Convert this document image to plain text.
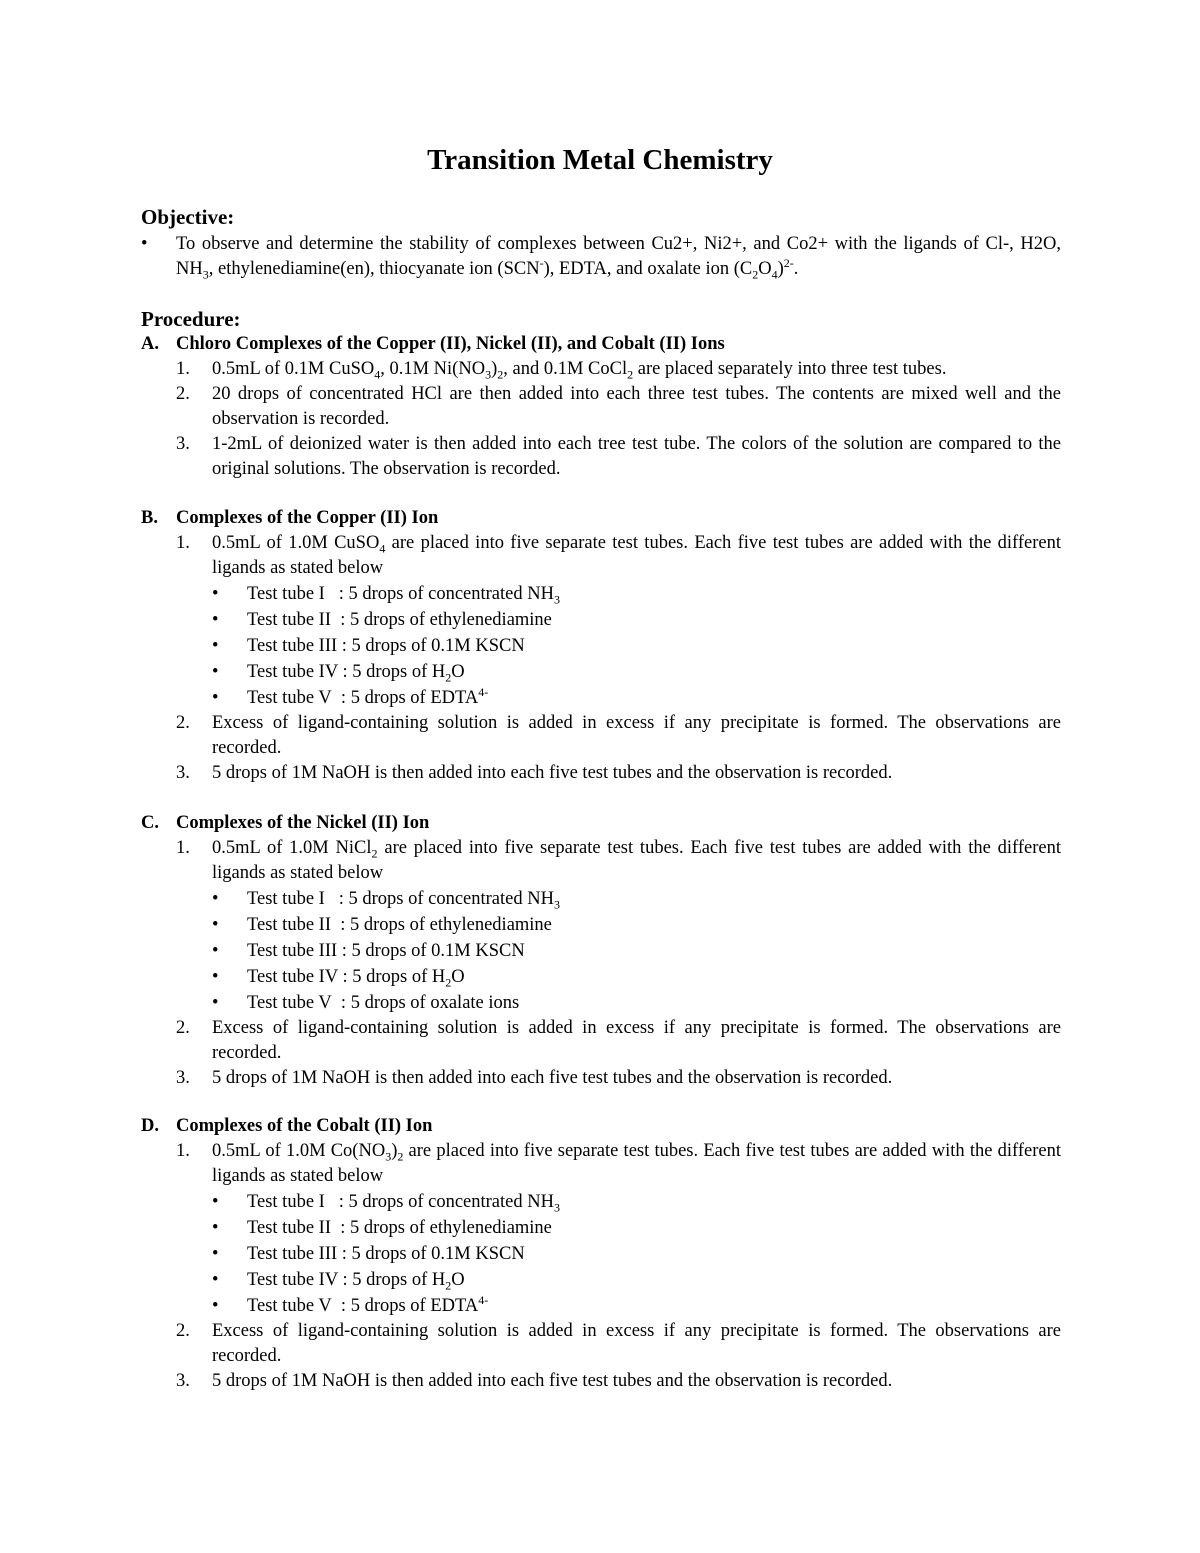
Transition Metal Chemistry
Objective:
•	To observe and determine the stability of complexes between Cu2+, Ni2+, and Co2+ with the ligands of Cl-, H2O, $NH_3$, ethylenediamine(en), thiocyanate ion (SCN-), EDTA, and oxalate ion $(C_2O_4)^{2-}$.
Procedure:
A. Chloro Complexes of the Copper (II), Nickel (II), and Cobalt (II) Ions
1.	0.5mL of 0.1M CuSO$_4$, 0.1M $Ni(NO_3)_2$, and 0.1M CoCl$_2$ are placed separately into three test tubes.
2.	20 drops of concentrated HCl are then added into each three test tubes. The contents are mixed well and the observation is recorded.
3.	1-2mL of deionized water is then added into each tree test tube. The colors of the solution are compared to the original solutions. The observation is recorded.
B. Complexes of the Copper (II) Ion
1.	0.5mL of 1.0M CuSO$_4$ are placed into five separate test tubes. Each five test tubes are added with the different ligands as stated below
•	Test tube I   : 5 drops of concentrated $NH_3$
•	Test tube II  : 5 drops of ethylenediamine
•	Test tube III : 5 drops of 0.1M KSCN
•	Test tube IV : 5 drops of $H_2O$
•	Test tube V  : 5 drops of $EDTA^{4-}$
2.	Excess of ligand-containing solution is added in excess if any precipitate is formed. The observations are recorded.
3.	5 drops of 1M NaOH is then added into each five test tubes and the observation is recorded.
C. Complexes of the Nickel (II) Ion
1.	0.5mL of 1.0M NiCl$_2$ are placed into five separate test tubes. Each five test tubes are added with the different ligands as stated below
•	Test tube I   : 5 drops of concentrated $NH_3$
•	Test tube II  : 5 drops of ethylenediamine
•	Test tube III : 5 drops of 0.1M KSCN
•	Test tube IV : 5 drops of $H_2O$
•	Test tube V  : 5 drops of oxalate ions
2.	Excess of ligand-containing solution is added in excess if any precipitate is formed. The observations are recorded.
3.	5 drops of 1M NaOH is then added into each five test tubes and the observation is recorded.
D. Complexes of the Cobalt (II) Ion
1.	0.5mL of 1.0M $Co(NO_3)_2$ are placed into five separate test tubes. Each five test tubes are added with the different ligands as stated below
•	Test tube I   : 5 drops of concentrated $NH_3$
•	Test tube II  : 5 drops of ethylenediamine
•	Test tube III : 5 drops of 0.1M KSCN
•	Test tube IV : 5 drops of $H_2O$
•	Test tube V  : 5 drops of $EDTA^{4-}$
2.	Excess of ligand-containing solution is added in excess if any precipitate is formed. The observations are recorded.
3.	5 drops of 1M NaOH is then added into each five test tubes and the observation is recorded.
